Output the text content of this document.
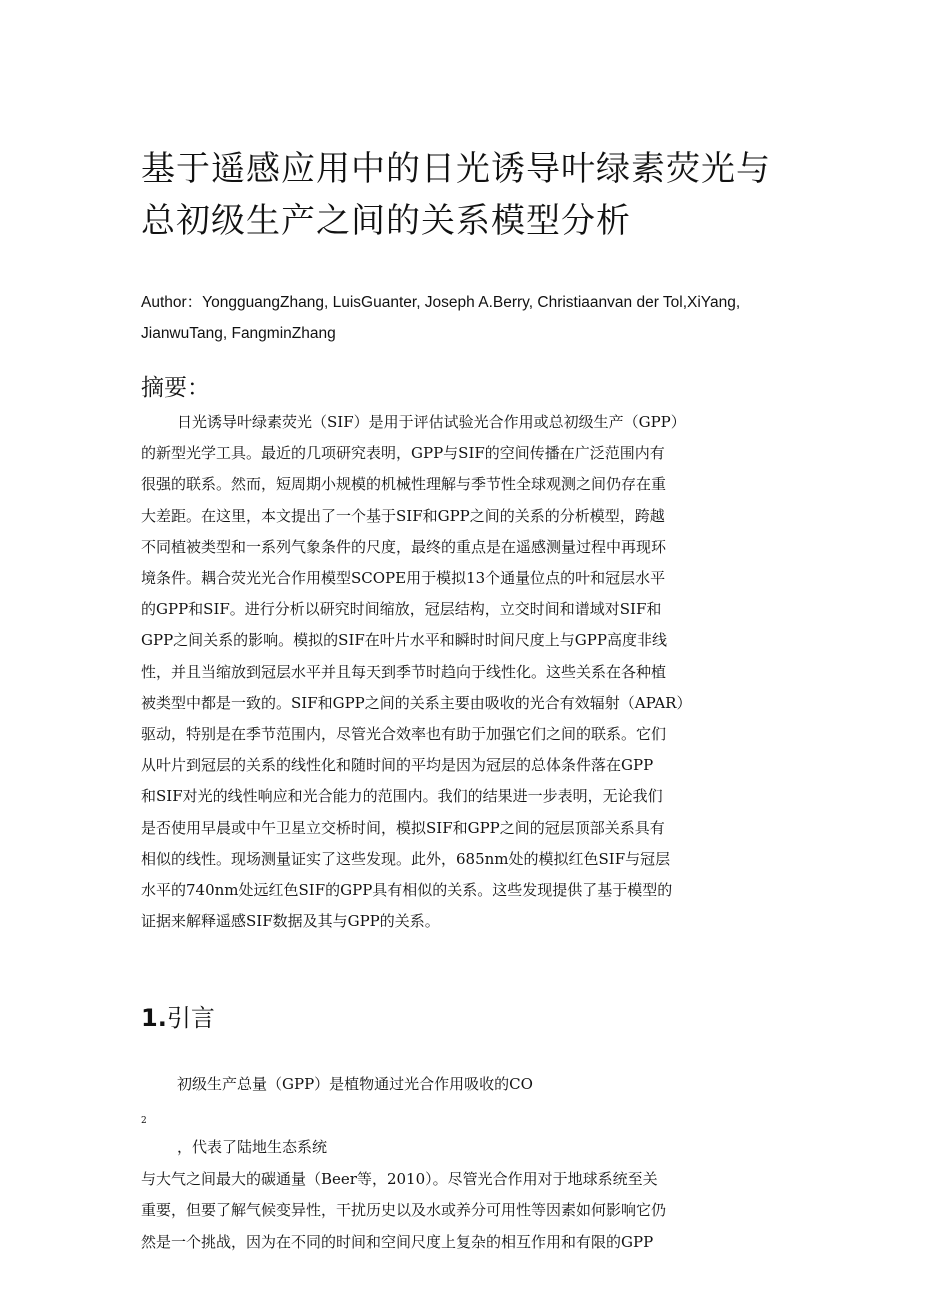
基于遥感应用中的日光诱导叶绿素荧光与
总初级生产之间的关系模型分析

Author：YongguangZhang, LuisGuanter, Joseph A.Berry, Christiaanvan der Tol,XiYang,
JianwuTang, FangminZhang

摘要：

日光诱导叶绿素荧光（SIF）是用于评估试验光合作用或总初级生产（GPP）
的新型光学工具。最近的几项研究表明，GPP与SIF的空间传播在广泛范围内有
很强的联系。然而，短周期小规模的机械性理解与季节性全球观测之间仍存在重
大差距。在这里，本文提出了一个基于SIF和GPP之间的关系的分析模型，跨越
不同植被类型和一系列气象条件的尺度，最终的重点是在遥感测量过程中再现环
境条件。耦合荧光光合作用模型SCOPE用于模拟13个通量位点的叶和冠层水平
的GPP和SIF。进行分析以研究时间缩放，冠层结构，立交时间和谱域对SIF和
GPP之间关系的影响。模拟的SIF在叶片水平和瞬时时间尺度上与GPP高度非线
性，并且当缩放到冠层水平并且每天到季节时趋向于线性化。这些关系在各种植
被类型中都是一致的。SIF和GPP之间的关系主要由吸收的光合有效辐射（APAR）
驱动，特别是在季节范围内，尽管光合效率也有助于加强它们之间的联系。它们
从叶片到冠层的关系的线性化和随时间的平均是因为冠层的总体条件落在GPP
和SIF对光的线性响应和光合能力的范围内。我们的结果进一步表明，无论我们
是否使用早晨或中午卫星立交桥时间，模拟SIF和GPP之间的冠层顶部关系具有
相似的线性。现场测量证实了这些发现。此外，685nm处的模拟红色SIF与冠层
水平的740nm处远红色SIF的GPP具有相似的关系。这些发现提供了基于模型的
证据来解释遥感SIF数据及其与GPP的关系。

1.引言

初级生产总量（GPP）是植物通过光合作用吸收的CO
$_2$
，代表了陆地生态系统
与大气之间最大的碳通量（Beer等，2010）。尽管光合作用对于地球系统至关
重要，但要了解气候变异性，干扰历史以及水或养分可用性等因素如何影响它仍
然是一个挑战，因为在不同的时间和空间尺度上复杂的相互作用和有限的GPP
